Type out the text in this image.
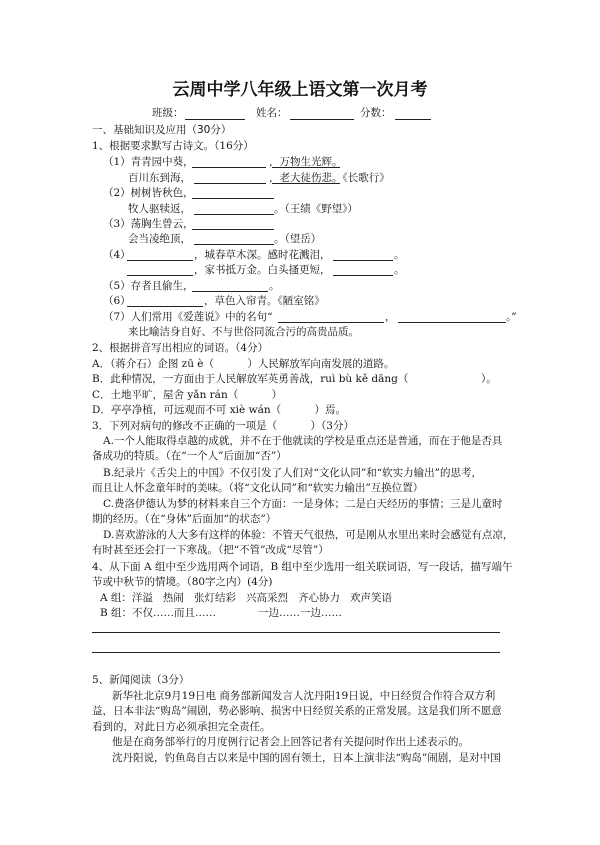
云周中学八年级上语文第一次月考
班级：	姓名：	分数：
一、基础知识及应用（30分）
1、根据要求默写古诗文。（16分）
（1）青青园中葵，	，万物生光辉。
百川东到海，	，老大徒伤悲。《长歌行》
（2）树树皆秋色，
牧人驱犊返，	。（王绩《野望》）
（3）荡胸生曾云，
会当凌绝顶，	。（望岳）
（4）	，城春草木深。感时花溅泪，	。
，家书抵万金。白头搔更短，	。
（5）存者且偷生，	。
（6）	，草色入帘青。《陋室铭》
（7）人们常用《爱莲说》中的名句“	，	。”
来比喻洁身自好、不与世俗同流合污的高贵品质。
2、根据拼音写出相应的词语。（4分）
A．（蒋介石）企图 zū è（          ）人民解放军向南发展的道路。
B．此种情况，一方面由于人民解放军英勇善战，ruì bù kě dāng（	）。
C．土地平旷，屋舍 yǎn rán（          ）
D．亭亭净植，可远观而不可 xiè wán（          ）焉。
3．下列对病句的修改不正确的一项是（          ）（3分）
A.一个人能取得卓越的成就，并不在于他就读的学校是重点还是普通，而在于他是否具
备成功的特质。（在“一个人”后面加“否”）
B.纪录片《舌尖上的中国》不仅引发了人们对“文化认同”和“软实力输出”的思考，
而且让人怀念童年时的美味。（将“文化认同”和“软实力输出”互换位置）
C.费洛伊德认为梦的材料来自三个方面：一是身体；二是白天经历的事情；三是儿童时
期的经历。（在“身体”后面加“的状态”）
D.喜欢游泳的人大多有这样的体验：不管天气很热，可是刚从水里出来时会感觉有点凉，
有时甚至还会打一下寒战。（把“不管”改成“尽管”）
4、从下面 A 组中至少选用两个词语，B 组中至少选用一组关联词语，写一段话，描写端午
节或中秋节的情境。（80字之内）(4分)
A 组：洋溢   热闹   张灯结彩   兴高采烈   齐心协力   欢声笑语
B 组：不仅……而且……	一边……一边……
5、新闻阅读（3分）
新华社北京9月19日电 商务部新闻发言人沈丹阳19日说，中日经贸合作符合双方利
益，日本非法“购岛”闹剧，势必影响、损害中日经贸关系的正常发展。这是我们所不愿意
看到的，对此日方必须承担完全责任。
他是在商务部举行的月度例行记者会上回答记者有关提问时作出上述表示的。
沈丹阳说，钓鱼岛自古以来是中国的固有领土，日本上演非法“购岛”闹剧，是对中国
